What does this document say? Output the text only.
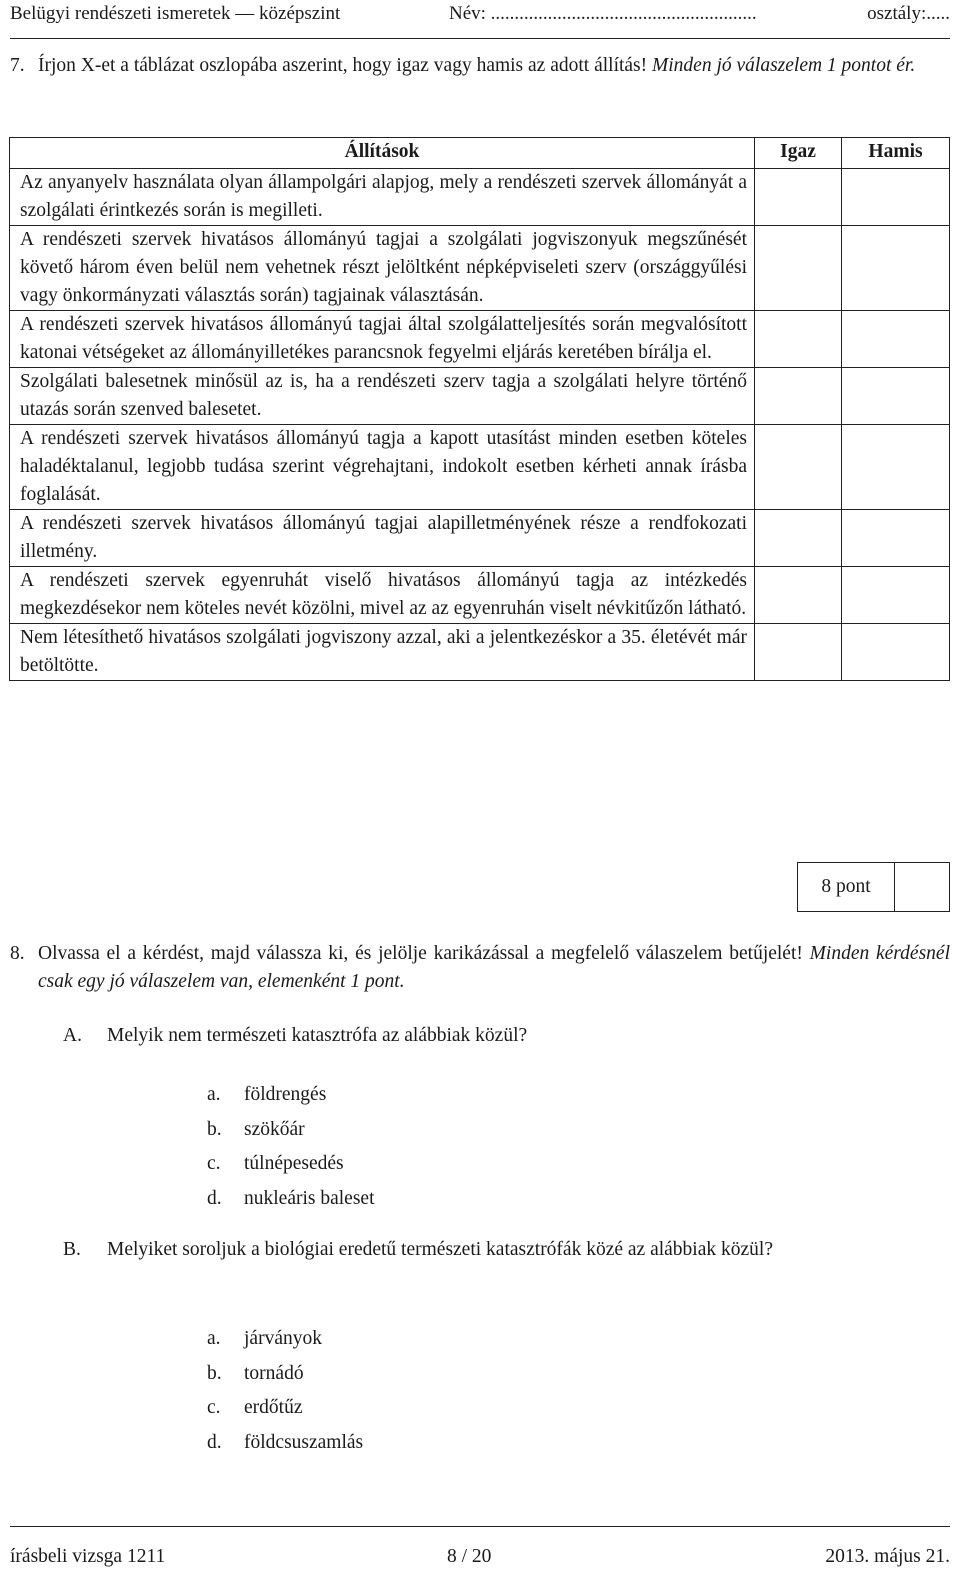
Belügyi rendészeti ismeretek — középszint	Név: ........................................................	osztály:.....
7. Írjon X-et a táblázat oszlopába aszerint, hogy igaz vagy hamis az adott állítás! Minden jó válaszelem 1 pontot ér.
Állítások	Igaz	Hamis
Az anyanyelv használata olyan állampolgári alapjog, mely a rendészeti szervek állományát a szolgálati érintkezés során is megilleti.		
A rendészeti szervek hivatásos állományú tagjai a szolgálati jogviszonyuk megszűnését követő három éven belül nem vehetnek részt jelöltként népképviseleti szerv (országgyűlési vagy önkormányzati választás során) tagjainak választásán.		
A rendészeti szervek hivatásos állományú tagjai által szolgálatteljesítés során megvalósított katonai vétségeket az állományilletékes parancsnok fegyelmi eljárás keretében bírálja el.		
Szolgálati balesetnek minősül az is, ha a rendészeti szerv tagja a szolgálati helyre történő utazás során szenved balesetet.		
A rendészeti szervek hivatásos állományú tagja a kapott utasítást minden esetben köteles haladéktalanul, legjobb tudása szerint végrehajtani, indokolt esetben kérheti annak írásba foglalását.		
A rendészeti szervek hivatásos állományú tagjai alapilletményének része a rendfokozati illetmény.		
A rendészeti szervek egyenruhát viselő hivatásos állományú tagja az intézkedés megkezdésekor nem köteles nevét közölni, mivel az az egyenruhán viselt névkitűzőn látható.		
Nem létesíthető hivatásos szolgálati jogviszony azzal, aki a jelentkezéskor a 35. életévét már betöltötte.		
8 pont
8. Olvassa el a kérdést, majd válassza ki, és jelölje karikázással a megfelelő válaszelem betűjelét! Minden kérdésnél csak egy jó válaszelem van, elemenként 1 pont.
A. Melyik nem természeti katasztrófa az alábbiak közül?
a. földrengés
b. szökőár
c. túlnépesedés
d. nukleáris baleset
B. Melyiket soroljuk a biológiai eredetű természeti katasztrófák közé az alábbiak közül?
a. járványok
b. tornádó
c. erdőtűz
d. földcsuszamlás
írásbeli vizsga 1211	8 / 20	2013. május 21.
